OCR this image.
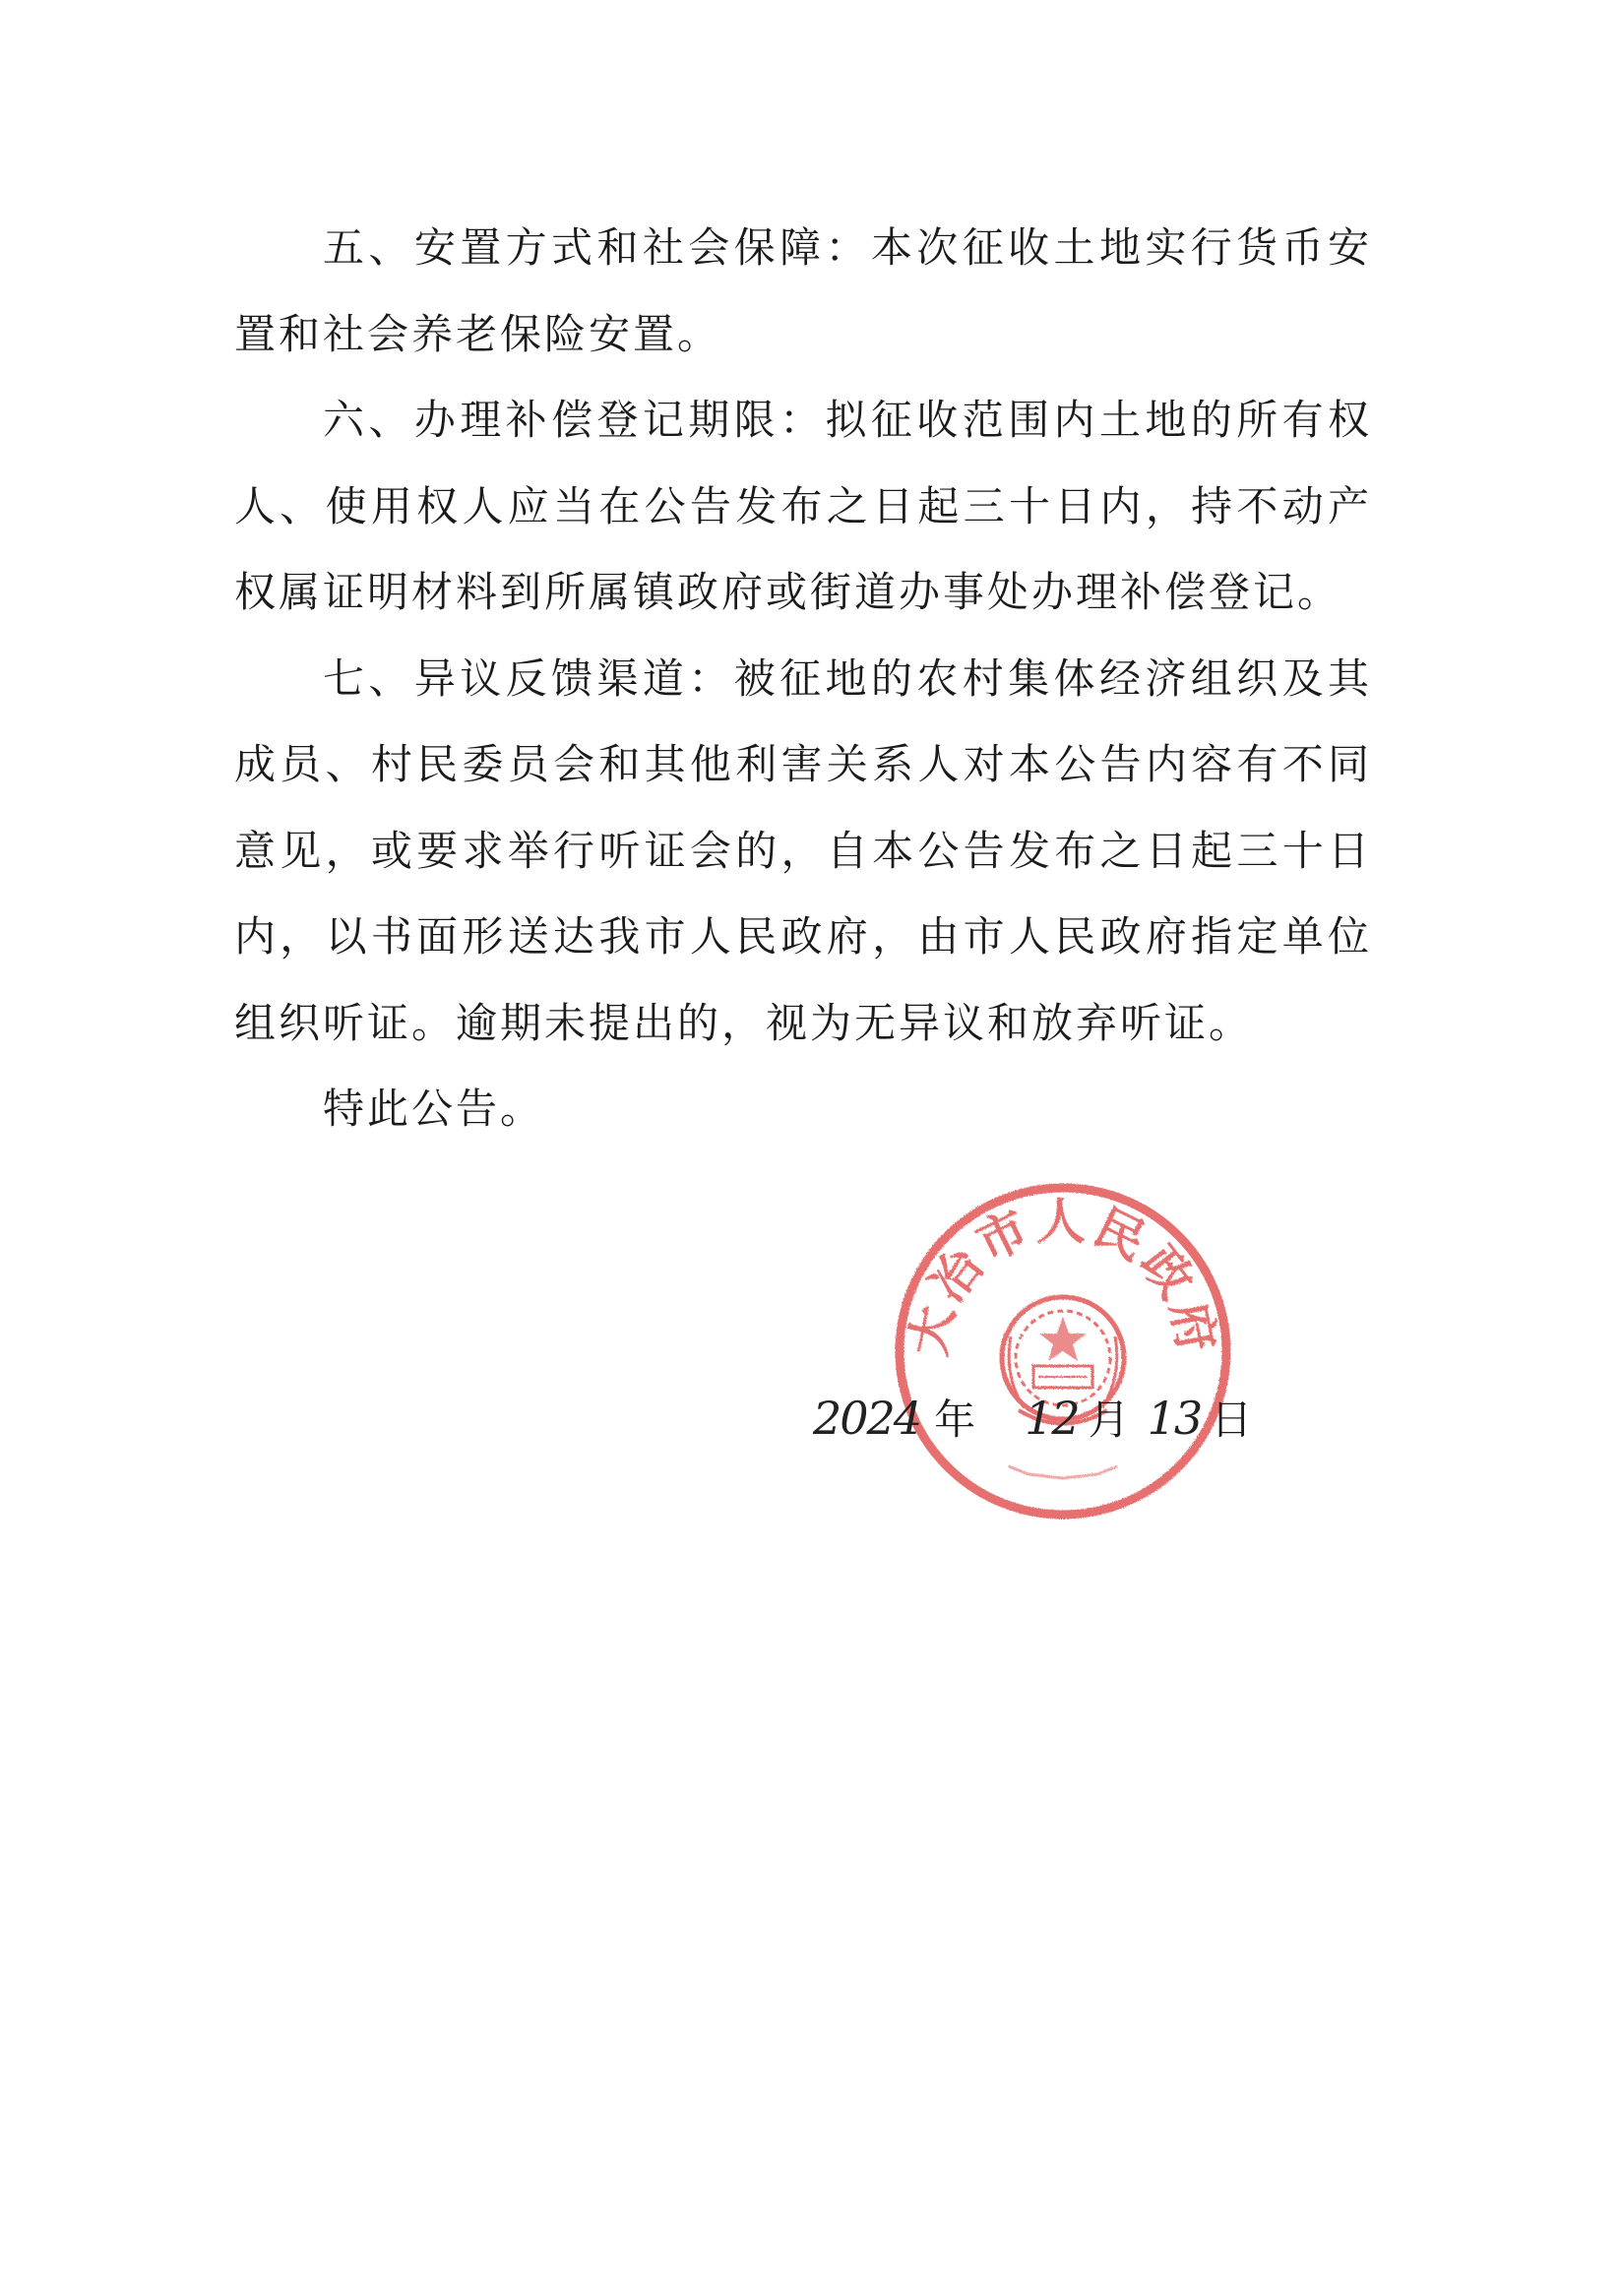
五、安置方式和社会保障：本次征收土地实行货币安置和社会养老保险安置。

六、办理补偿登记期限：拟征收范围内土地的所有权人、使用权人应当在公告发布之日起三十日内，持不动产权属证明材料到所属镇政府或街道办事处办理补偿登记。

七、异议反馈渠道：被征地的农村集体经济组织及其成员、村民委员会和其他利害关系人对本公告内容有不同意见，或要求举行听证会的，自本公告发布之日起三十日内，以书面形送达我市人民政府，由市人民政府指定单位组织听证。逾期未提出的，视为无异议和放弃听证。

特此公告。

大冶市人民政府
2024 年 12 月 13 日
